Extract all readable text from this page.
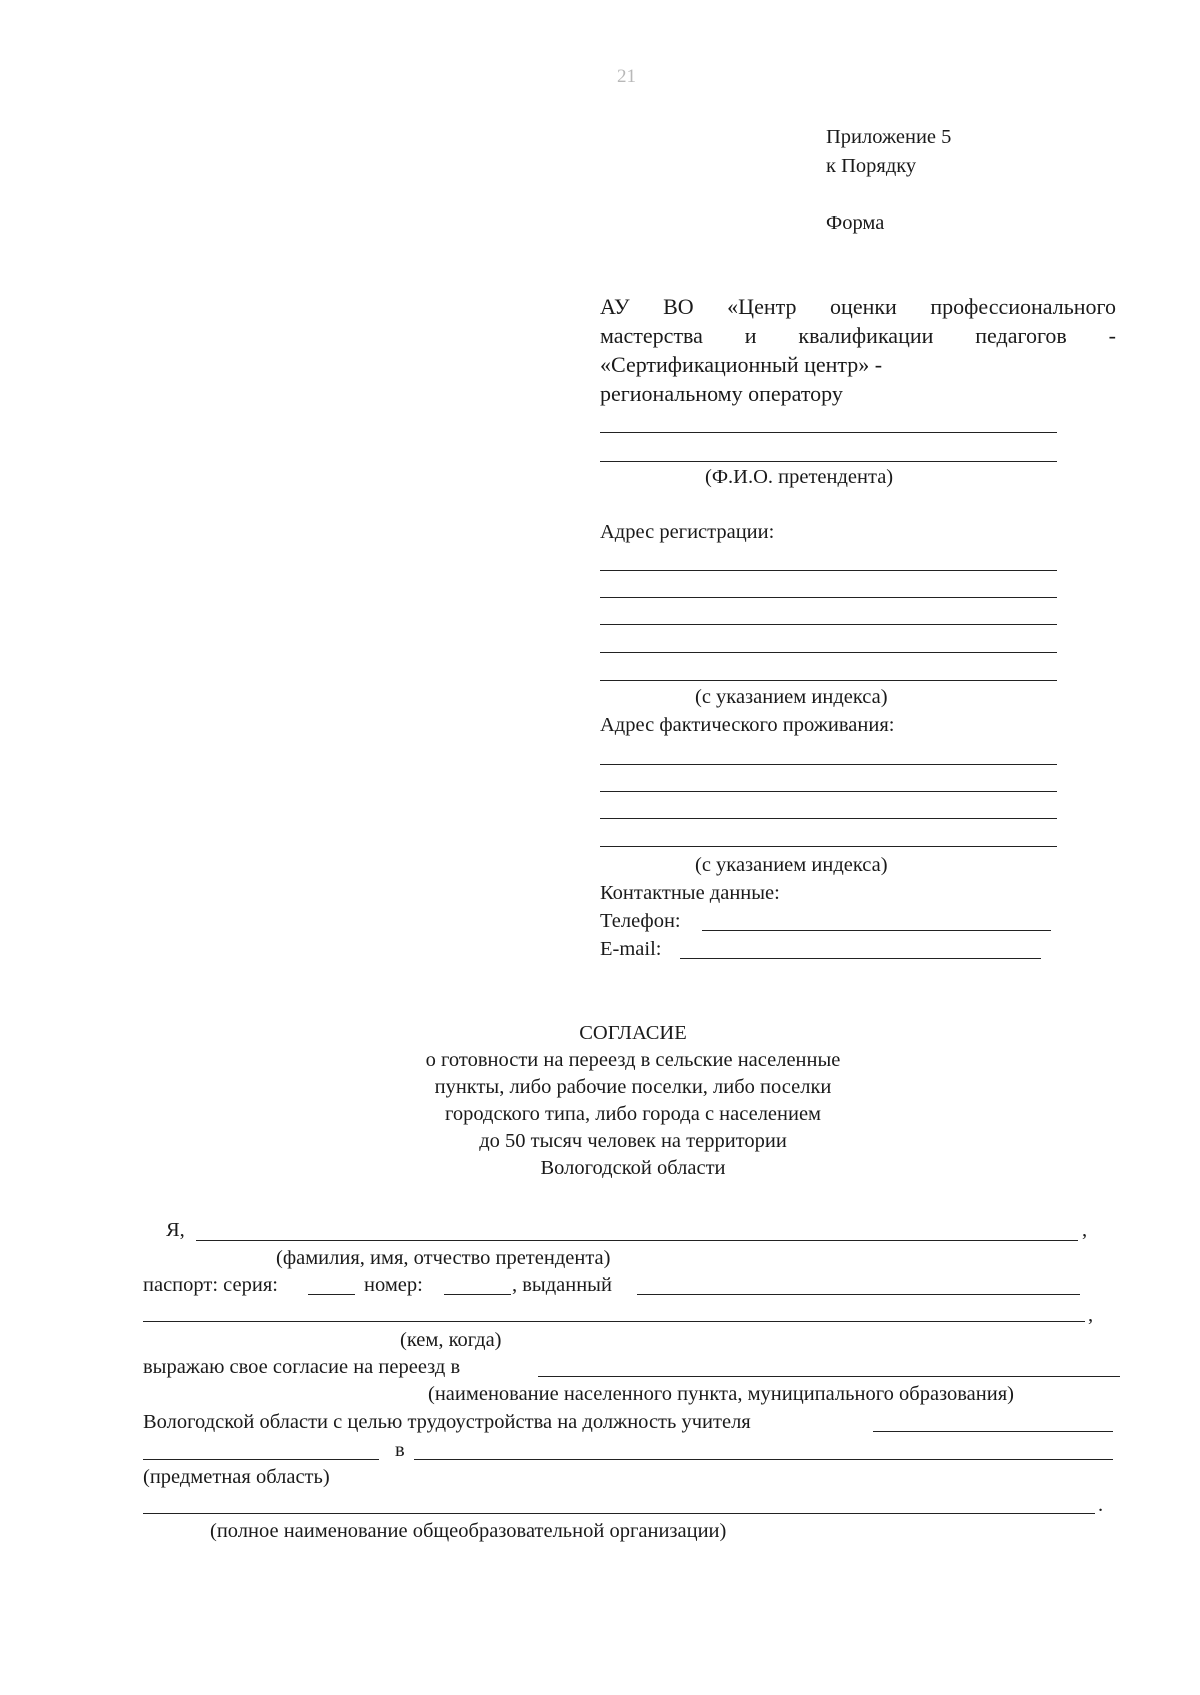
21
Приложение 5
к Порядку
Форма
АУ ВО «Центр оценки профессионального
мастерства и квалификации педагогов -
«Сертификационный центр» -
региональному оператору
(Ф.И.О. претендента)
Адрес регистрации:
(с указанием индекса)
Адрес фактического проживания:
(с указанием индекса)
Контактные данные:
Телефон:
E-mail:
СОГЛАСИЕ
о готовности на переезд в сельские населенные
пункты, либо рабочие поселки, либо поселки
городского типа, либо города с населением
до 50 тысяч человек на территории
Вологодской области
Я,	,
(фамилия, имя, отчество претендента)
паспорт: серия:	номер:	, выданный
,
(кем, когда)
выражаю свое согласие на переезд в
(наименование населенного пункта, муниципального образования)
Вологодской области с целью трудоустройства на должность учителя
в
(предметная область)
.
(полное наименование общеобразовательной организации)
